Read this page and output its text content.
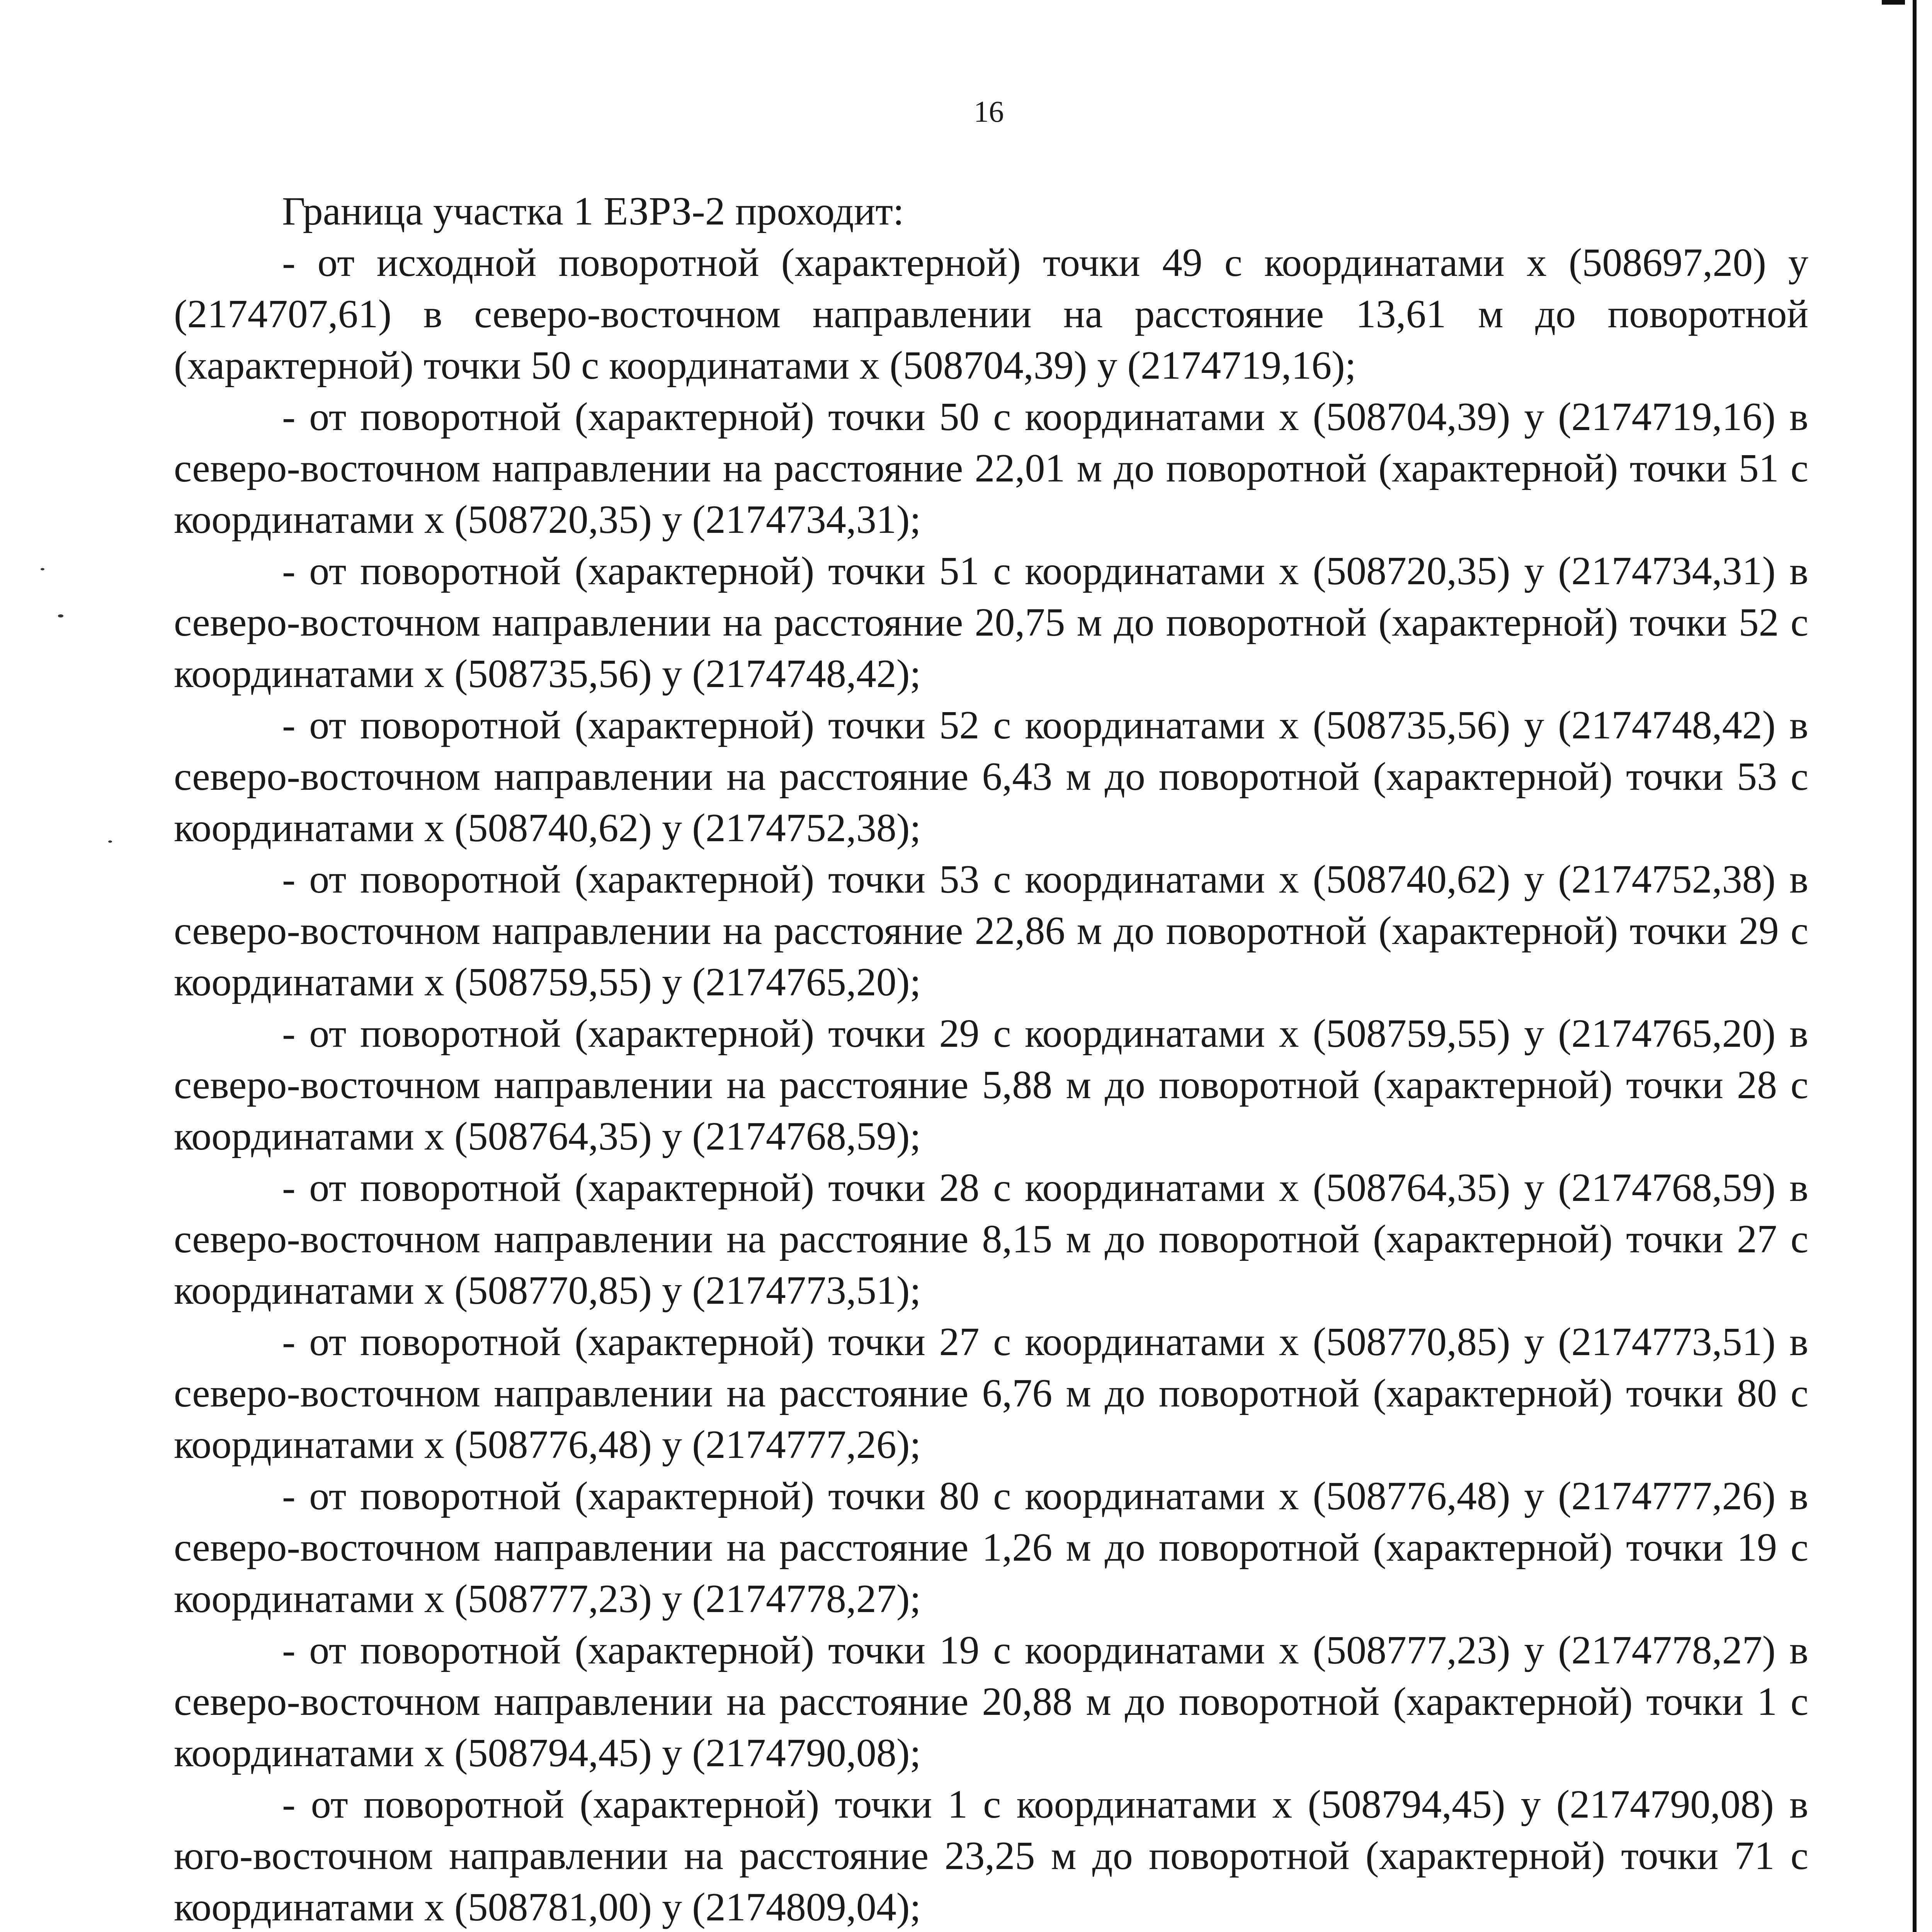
16

Граница участка 1 ЕЗРЗ-2 проходит:

- от исходной поворотной (характерной) точки 49 с координатами х (508697,20) у (2174707,61) в северо-восточном направлении на расстояние 13,61 м до поворотной (характерной) точки 50 с координатами х (508704,39) у (2174719,16);

- от поворотной (характерной) точки 50 с координатами х (508704,39) у (2174719,16) в северо-восточном направлении на расстояние 22,01 м до поворотной (характерной) точки 51 с координатами х (508720,35) у (2174734,31);

- от поворотной (характерной) точки 51 с координатами х (508720,35) у (2174734,31) в северо-восточном направлении на расстояние 20,75 м до поворотной (характерной) точки 52 с координатами х (508735,56) у (2174748,42);

- от поворотной (характерной) точки 52 с координатами х (508735,56) у (2174748,42) в северо-восточном направлении на расстояние 6,43 м до поворотной (характерной) точки 53 с координатами х (508740,62) у (2174752,38);

- от поворотной (характерной) точки 53 с координатами х (508740,62) у (2174752,38) в северо-восточном направлении на расстояние 22,86 м до поворотной (характерной) точки 29 с координатами х (508759,55) у (2174765,20);

- от поворотной (характерной) точки 29 с координатами х (508759,55) у (2174765,20) в северо-восточном направлении на расстояние 5,88 м до поворотной (характерной) точки 28 с координатами х (508764,35) у (2174768,59);

- от поворотной (характерной) точки 28 с координатами х (508764,35) у (2174768,59) в северо-восточном направлении на расстояние 8,15 м до поворотной (характерной) точки 27 с координатами х (508770,85) у (2174773,51);

- от поворотной (характерной) точки 27 с координатами х (508770,85) у (2174773,51) в северо-восточном направлении на расстояние 6,76 м до поворотной (характерной) точки 80 с координатами х (508776,48) у (2174777,26);

- от поворотной (характерной) точки 80 с координатами х (508776,48) у (2174777,26) в северо-восточном направлении на расстояние 1,26 м до поворотной (характерной) точки 19 с координатами х (508777,23) у (2174778,27);

- от поворотной (характерной) точки 19 с координатами х (508777,23) у (2174778,27) в северо-восточном направлении на расстояние 20,88 м до поворотной (характерной) точки 1 с координатами х (508794,45) у (2174790,08);

- от поворотной (характерной) точки 1 с координатами х (508794,45) у (2174790,08) в юго-восточном направлении на расстояние 23,25 м до поворотной (характерной) точки 71 с координатами х (508781,00) у (2174809,04);
